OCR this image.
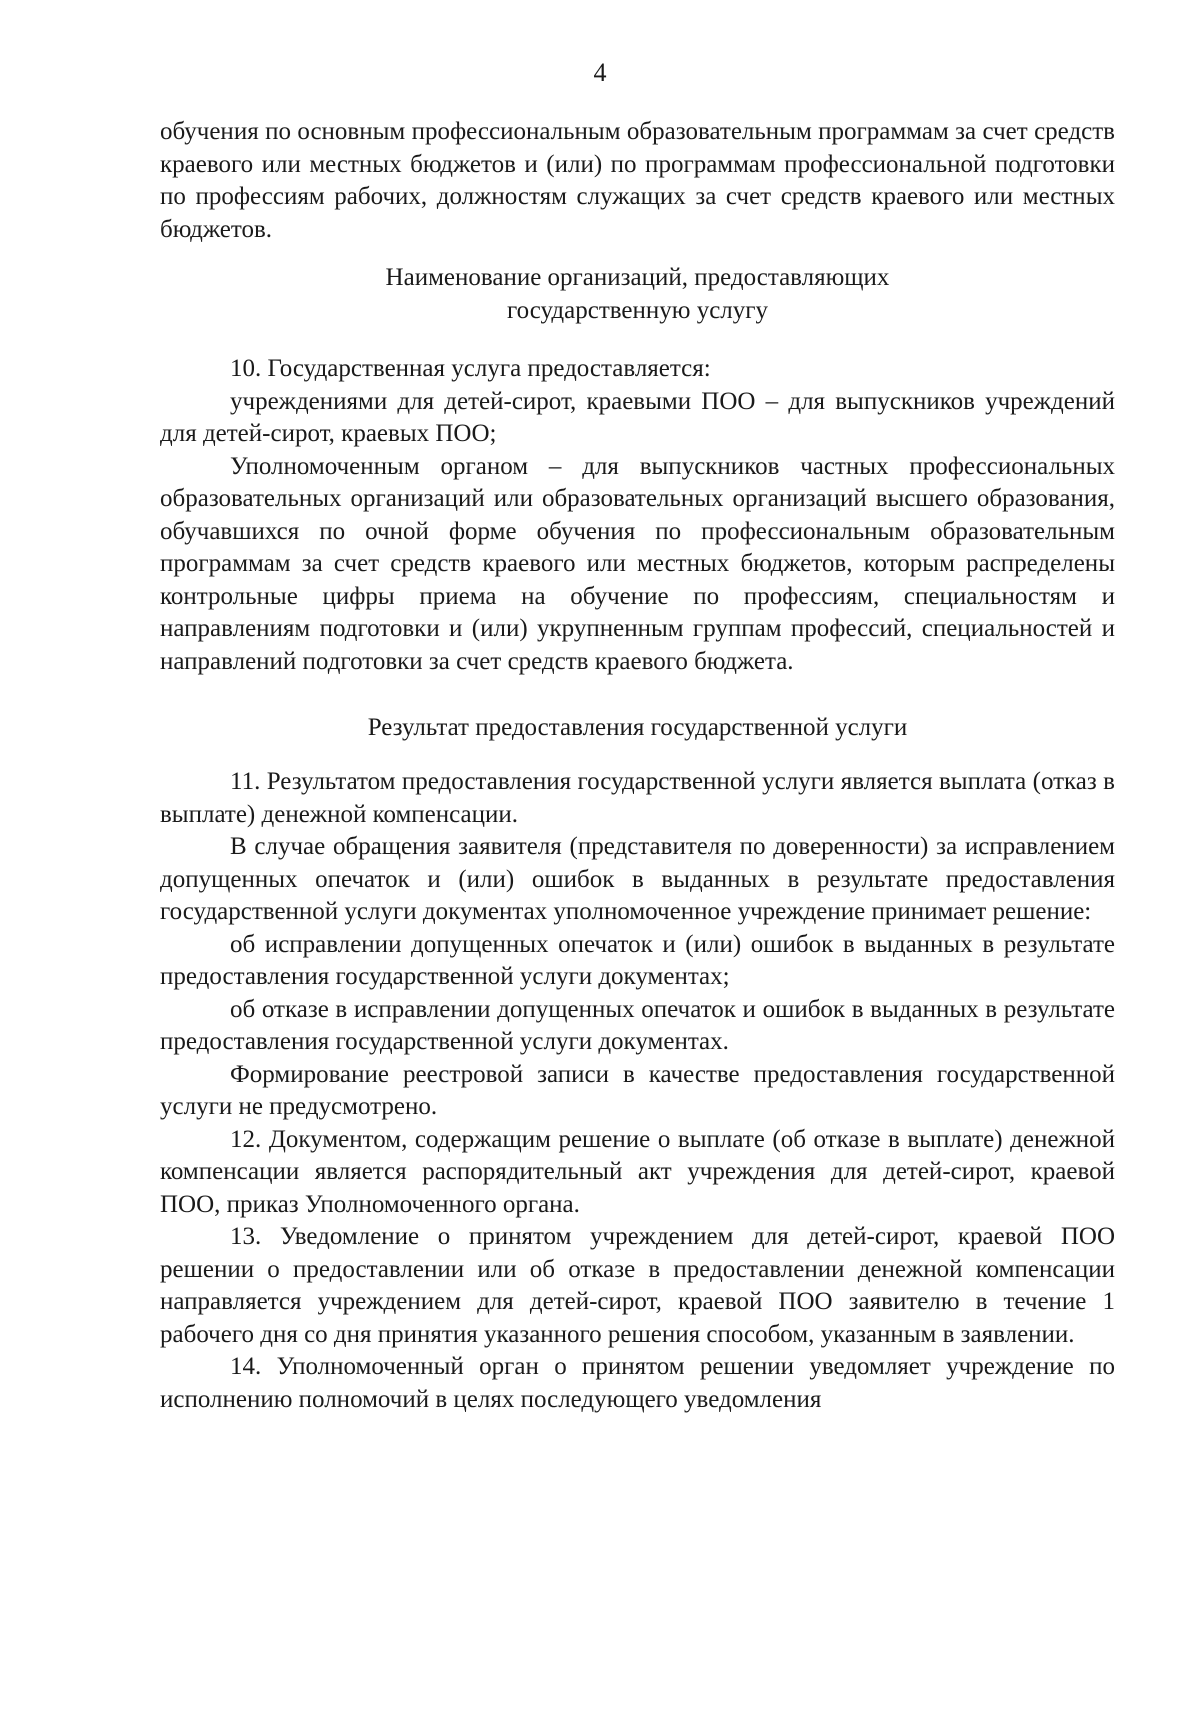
4

обучения по основным профессиональным образовательным программам за счет средств краевого или местных бюджетов и (или) по программам профессиональной подготовки по профессиям рабочих, должностям служащих за счет средств краевого или местных бюджетов.

Наименование организаций, предоставляющих
государственную услугу

10. Государственная услуга предоставляется:

учреждениями для детей-сирот, краевыми ПОО – для выпускников учреждений для детей-сирот, краевых ПОО;

Уполномоченным органом – для выпускников частных профессиональных образовательных организаций или образовательных организаций высшего образования, обучавшихся по очной форме обучения по профессиональным образовательным программам за счет средств краевого или местных бюджетов, которым распределены контрольные цифры приема на обучение по профессиям, специальностям и направлениям подготовки и (или) укрупненным группам профессий, специальностей и направлений подготовки за счет средств краевого бюджета.

Результат предоставления государственной услуги

11. Результатом предоставления государственной услуги является выплата (отказ в выплате) денежной компенсации.

В случае обращения заявителя (представителя по доверенности) за исправлением допущенных опечаток и (или) ошибок в выданных в результате предоставления государственной услуги документах уполномоченное учреждение принимает решение:

об исправлении допущенных опечаток и (или) ошибок в выданных в результате предоставления государственной услуги документах;

об отказе в исправлении допущенных опечаток и ошибок в выданных в результате предоставления государственной услуги документах.

Формирование реестровой записи в качестве предоставления государственной услуги не предусмотрено.

12. Документом, содержащим решение о выплате (об отказе в выплате) денежной компенсации является распорядительный акт учреждения для детей-сирот, краевой ПОО, приказ Уполномоченного органа.

13. Уведомление о принятом учреждением для детей-сирот, краевой ПОО решении о предоставлении или об отказе в предоставлении денежной компенсации направляется учреждением для детей-сирот, краевой ПОО заявителю в течение 1 рабочего дня со дня принятия указанного решения способом, указанным в заявлении.

14. Уполномоченный орган о принятом решении уведомляет учреждение по исполнению полномочий в целях последующего уведомления
